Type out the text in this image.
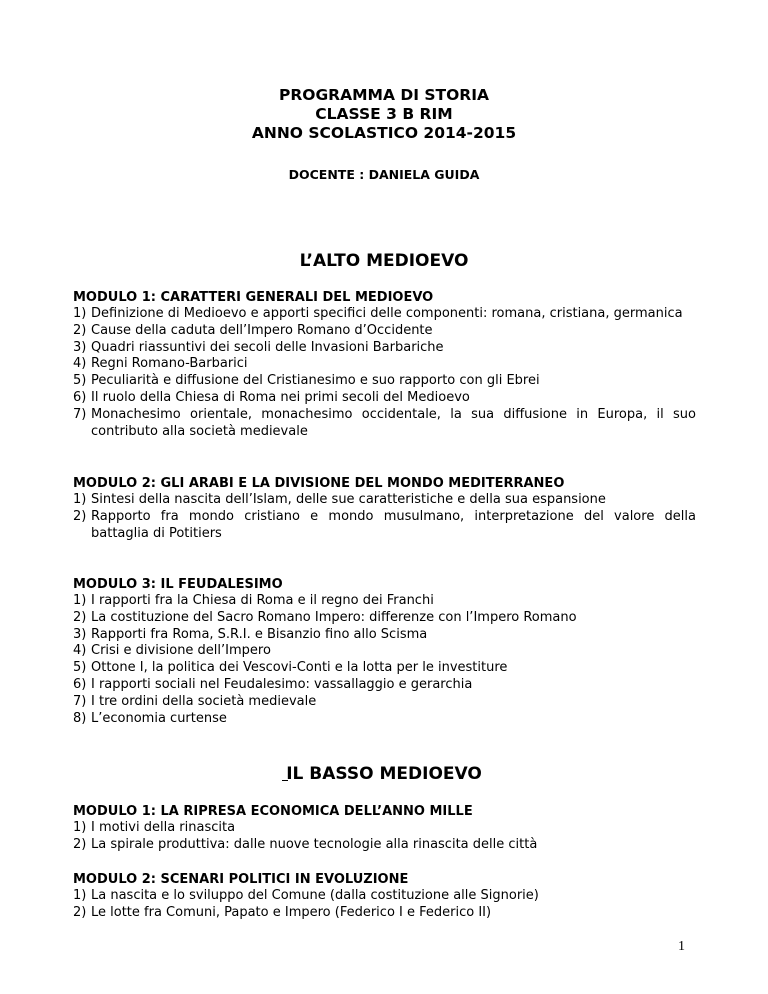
PROGRAMMA DI STORIA
CLASSE 3 B RIM
ANNO SCOLASTICO 2014-2015
DOCENTE : DANIELA GUIDA
L’ALTO MEDIOEVO
MODULO 1: CARATTERI GENERALI DEL MEDIOEVO
1) Definizione di Medioevo e apporti specifici delle componenti: romana, cristiana, germanica
2) Cause della caduta dell’Impero Romano d’Occidente
3) Quadri riassuntivi dei secoli delle Invasioni Barbariche
4) Regni Romano-Barbarici
5) Peculiarità e diffusione del Cristianesimo e suo rapporto con gli Ebrei
6) Il ruolo della Chiesa di Roma nei primi secoli del Medioevo
7) Monachesimo orientale, monachesimo occidentale, la sua diffusione in Europa, il suo contributo alla società medievale
MODULO 2: GLI ARABI E LA DIVISIONE DEL MONDO MEDITERRANEO
1) Sintesi della nascita dell’Islam, delle sue caratteristiche e della sua espansione
2) Rapporto fra mondo cristiano e mondo musulmano, interpretazione del valore della battaglia di Potitiers
MODULO 3: IL FEUDALESIMO
1) I rapporti fra la Chiesa di Roma e il regno dei Franchi
2) La costituzione del Sacro Romano Impero: differenze con l’Impero Romano
3) Rapporti fra Roma, S.R.I. e Bisanzio fino allo Scisma
4) Crisi e divisione dell’Impero
5) Ottone I, la politica dei Vescovi-Conti e la lotta per le investiture
6) I rapporti sociali nel Feudalesimo: vassallaggio e gerarchia
7) I tre ordini della società medievale
8) L’economia curtense
IL BASSO MEDIOEVO
MODULO 1: LA RIPRESA ECONOMICA DELL’ANNO MILLE
1) I motivi della rinascita
2) La spirale produttiva: dalle nuove tecnologie alla rinascita delle città
MODULO 2: SCENARI POLITICI IN EVOLUZIONE
1) La nascita e lo sviluppo del Comune (dalla costituzione alle Signorie)
2) Le lotte fra Comuni, Papato e Impero (Federico I e Federico II)
1
